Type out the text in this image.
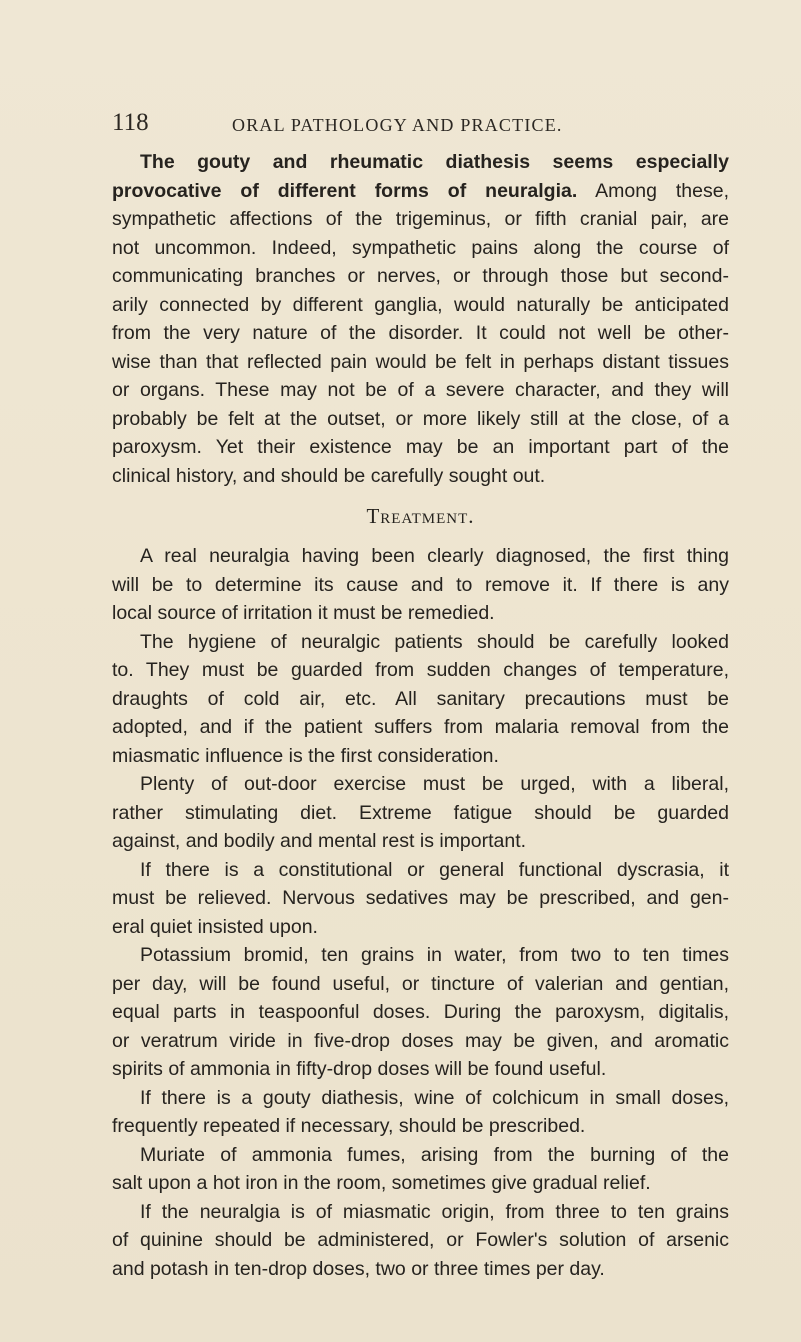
118	ORAL PATHOLOGY AND PRACTICE.
The gouty and rheumatic diathesis seems especially
provocative of different forms of neuralgia. Among these,
sympathetic affections of the trigeminus, or fifth cranial pair, are
not uncommon. Indeed, sympathetic pains along the course of
communicating branches or nerves, or through those but second-
arily connected by different ganglia, would naturally be anticipated
from the very nature of the disorder. It could not well be other-
wise than that reflected pain would be felt in perhaps distant tissues
or organs. These may not be of a severe character, and they will
probably be felt at the outset, or more likely still at the close, of a
paroxysm. Yet their existence may be an important part of the
clinical history, and should be carefully sought out.
Treatment.
A real neuralgia having been clearly diagnosed, the first thing
will be to determine its cause and to remove it. If there is any
local source of irritation it must be remedied.
The hygiene of neuralgic patients should be carefully looked
to. They must be guarded from sudden changes of temperature,
draughts of cold air, etc. All sanitary precautions must be
adopted, and if the patient suffers from malaria removal from the
miasmatic influence is the first consideration.
Plenty of out-door exercise must be urged, with a liberal,
rather stimulating diet. Extreme fatigue should be guarded
against, and bodily and mental rest is important.
If there is a constitutional or general functional dyscrasia, it
must be relieved. Nervous sedatives may be prescribed, and gen-
eral quiet insisted upon.
Potassium bromid, ten grains in water, from two to ten times
per day, will be found useful, or tincture of valerian and gentian,
equal parts in teaspoonful doses. During the paroxysm, digitalis,
or veratrum viride in five-drop doses may be given, and aromatic
spirits of ammonia in fifty-drop doses will be found useful.
If there is a gouty diathesis, wine of colchicum in small doses,
frequently repeated if necessary, should be prescribed.
Muriate of ammonia fumes, arising from the burning of the
salt upon a hot iron in the room, sometimes give gradual relief.
If the neuralgia is of miasmatic origin, from three to ten grains
of quinine should be administered, or Fowler's solution of arsenic
and potash in ten-drop doses, two or three times per day.
